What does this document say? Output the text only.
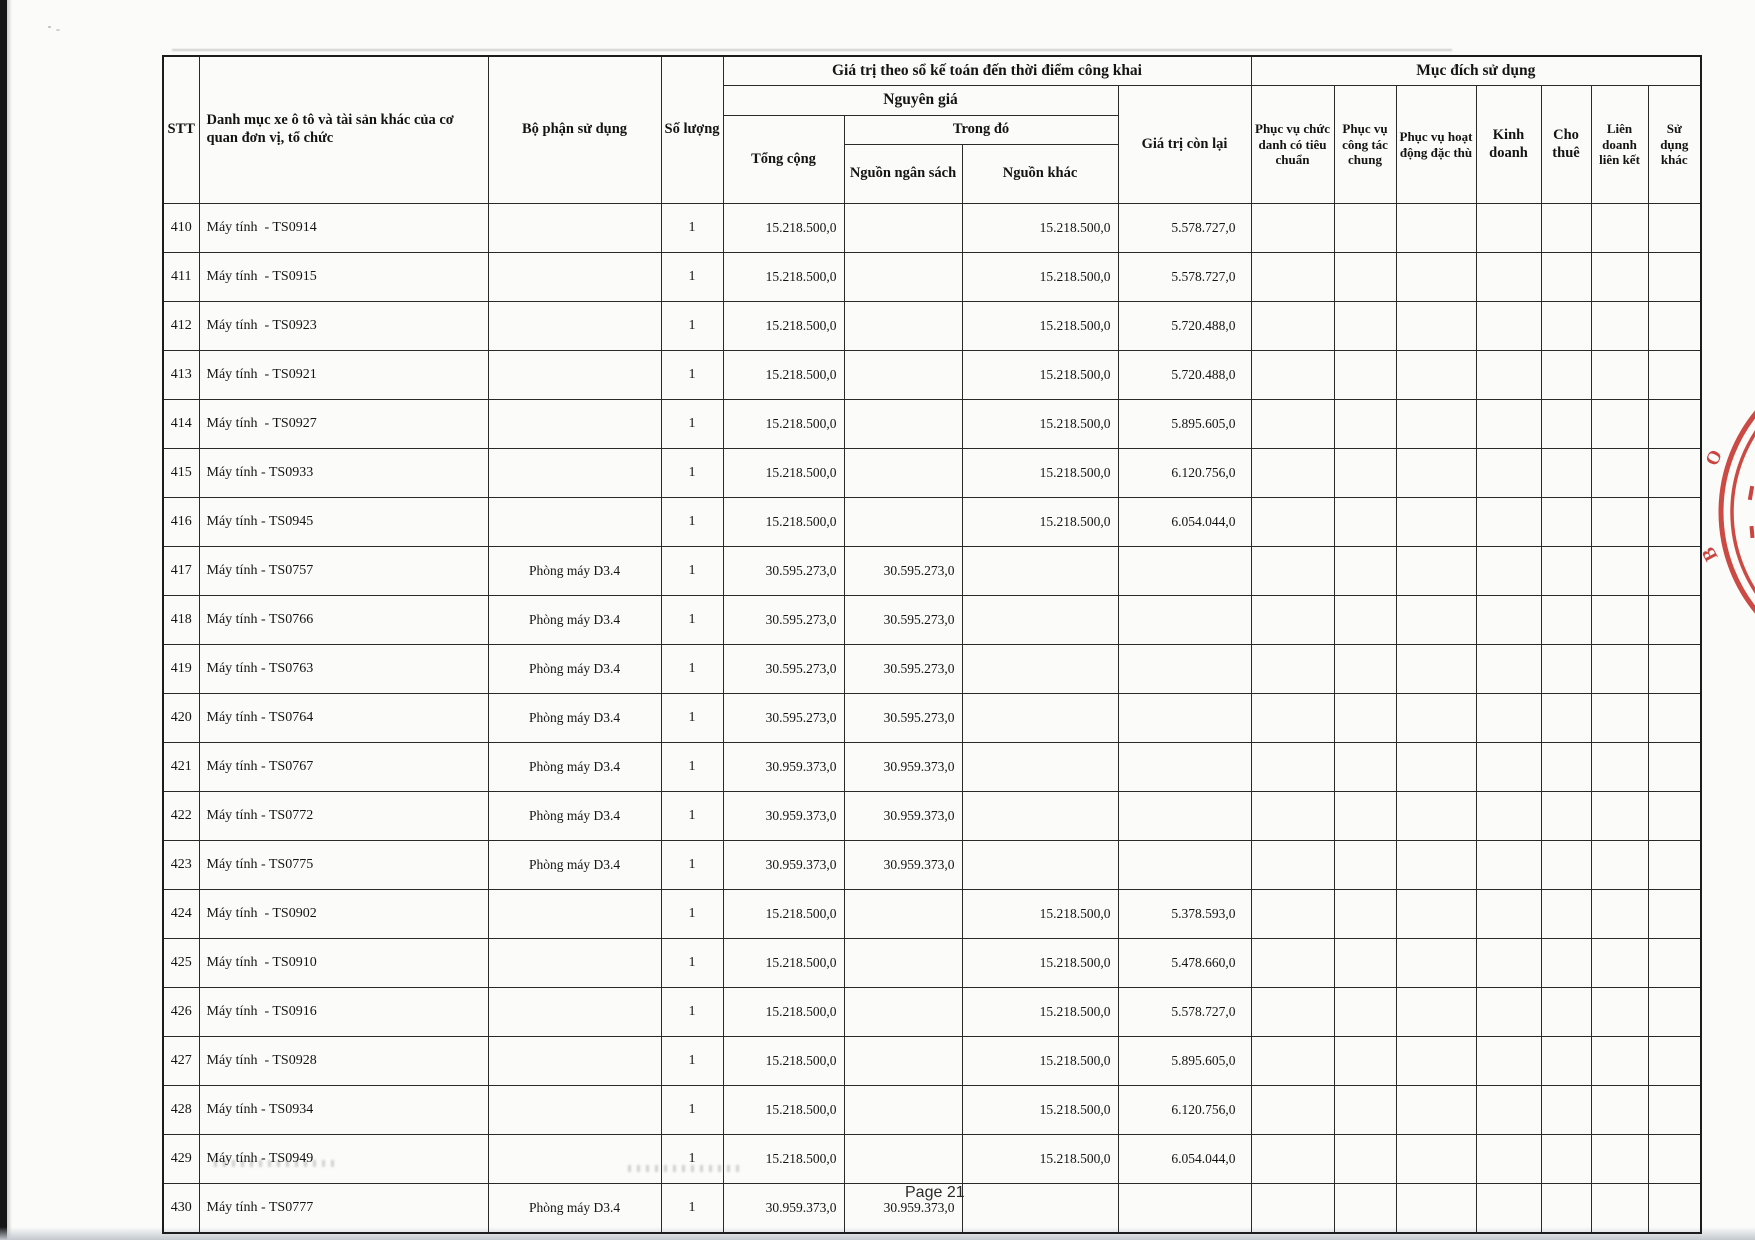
STT	Danh mục xe ô tô và tài sản khác của cơ quan đơn vị, tổ chức	Bộ phận sử dụng	Số lượng	Giá trị theo sổ kế toán đến thời điểm công khai				Mục đích sử dụng						
				Nguyên giá			Giá trị còn lại	Phục vụ chức danh có tiêu chuẩn	Phục vụ công tác chung	Phục vụ hoạt động đặc thù	Kinh doanh	Cho thuê	Liên doanh liên kết	Sử dụng khác
				Tổng cộng	Trong đó									
					Nguồn ngân sách	Nguồn khác								
410	Máy tính  - TS0914		1	15.218.500,0		15.218.500,0	5.578.727,0							
411	Máy tính  - TS0915		1	15.218.500,0		15.218.500,0	5.578.727,0							
412	Máy tính  - TS0923		1	15.218.500,0		15.218.500,0	5.720.488,0							
413	Máy tính  - TS0921		1	15.218.500,0		15.218.500,0	5.720.488,0							
414	Máy tính  - TS0927		1	15.218.500,0		15.218.500,0	5.895.605,0							
415	Máy tính - TS0933		1	15.218.500,0		15.218.500,0	6.120.756,0							
416	Máy tính - TS0945		1	15.218.500,0		15.218.500,0	6.054.044,0							
417	Máy tính - TS0757	Phòng máy D3.4	1	30.595.273,0	30.595.273,0									
418	Máy tính - TS0766	Phòng máy D3.4	1	30.595.273,0	30.595.273,0									
419	Máy tính - TS0763	Phòng máy D3.4	1	30.595.273,0	30.595.273,0									
420	Máy tính - TS0764	Phòng máy D3.4	1	30.595.273,0	30.595.273,0									
421	Máy tính - TS0767	Phòng máy D3.4	1	30.959.373,0	30.959.373,0									
422	Máy tính - TS0772	Phòng máy D3.4	1	30.959.373,0	30.959.373,0									
423	Máy tính - TS0775	Phòng máy D3.4	1	30.959.373,0	30.959.373,0									
424	Máy tính  - TS0902		1	15.218.500,0		15.218.500,0	5.378.593,0							
425	Máy tính  - TS0910		1	15.218.500,0		15.218.500,0	5.478.660,0							
426	Máy tính  - TS0916		1	15.218.500,0		15.218.500,0	5.578.727,0							
427	Máy tính  - TS0928		1	15.218.500,0		15.218.500,0	5.895.605,0							
428	Máy tính - TS0934		1	15.218.500,0		15.218.500,0	6.120.756,0							
429	Máy tính - TS0949		1	15.218.500,0		15.218.500,0	6.054.044,0							
430	Máy tính - TS0777	Phòng máy D3.4	1	30.959.373,0	30.959.373,0									
O
B
Page 21
